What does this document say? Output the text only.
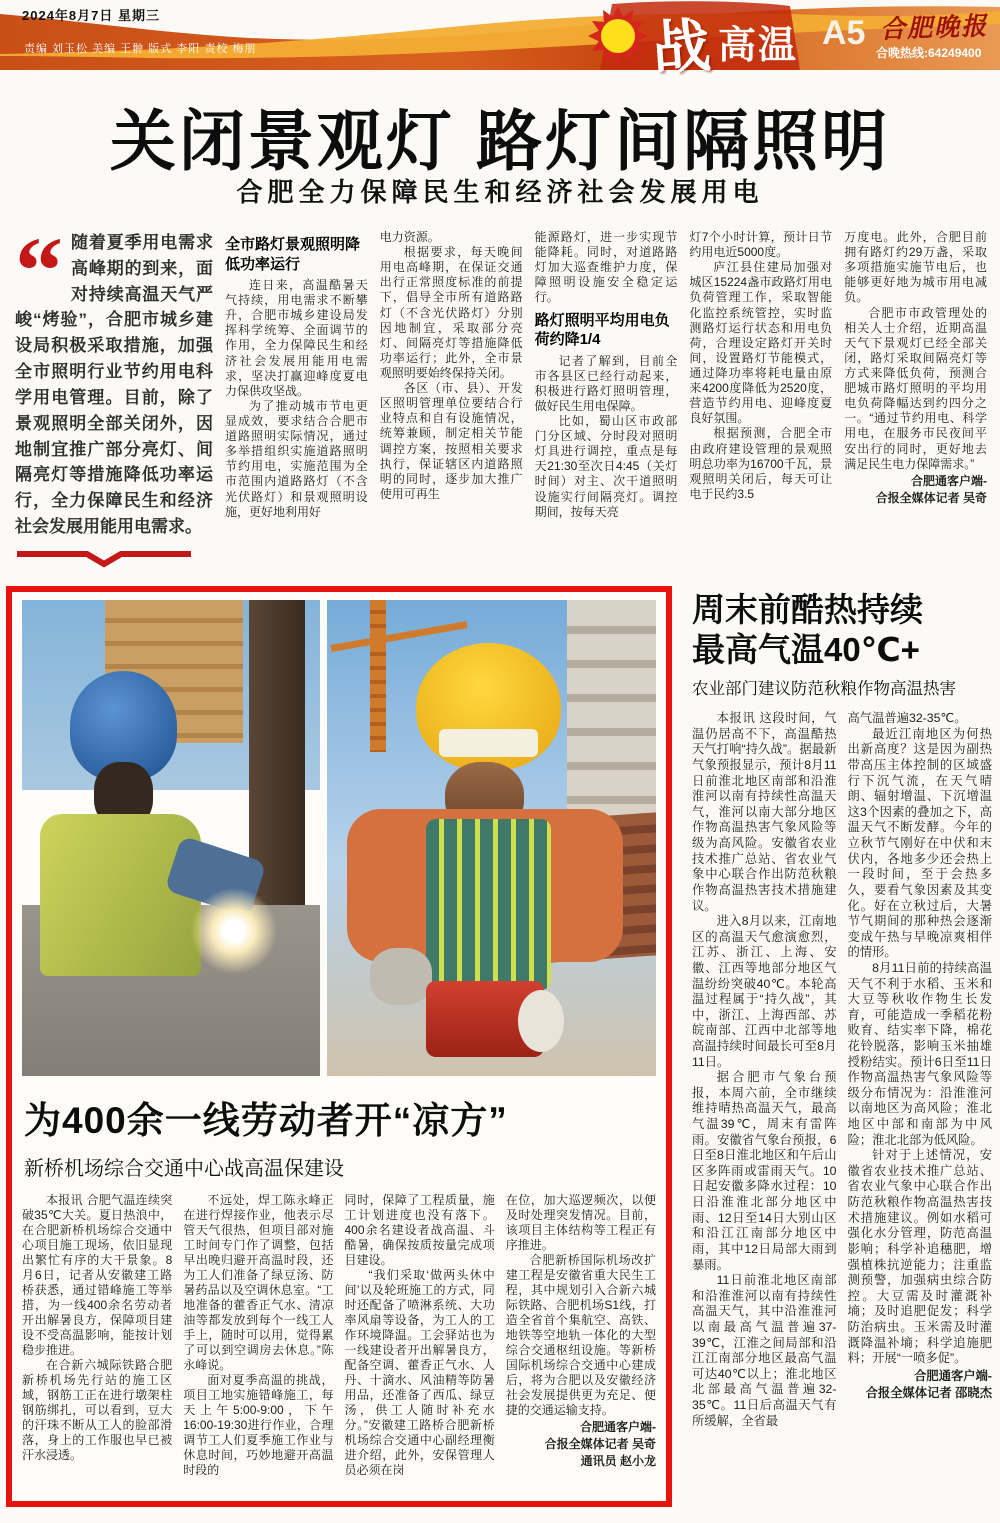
2024年8月7日 星期三
责编 刘玉松 美编 王翀 版式 李阳 责校 梅朋	战 高温 A5 合肥晚报
合晚热线:64249400
关闭景观灯 路灯间隔照明
合肥全力保障民生和经济社会发展用电
“ 随着夏季用电需求高峰期的到来，面对持续高温天气严峻“烤验”，合肥市城乡建设局积极采取措施，加强全市照明行业节约用电科学用电管理。目前，除了景观照明全部关闭外，因地制宜推广部分亮灯、间隔亮灯等措施降低功率运行，全力保障民生和经济社会发展用能用电需求。
全市路灯景观照明降低功率运行

连日来，高温酷暑天气持续，用电需求不断攀升，合肥市城乡建设局发挥科学统筹、全面调节的作用，全力保障民生和经济社会发展用能用电需求，坚决打赢迎峰度夏电力保供攻坚战。

为了推动城市节电更显成效，要求结合合肥市道路照明实际情况，通过多举措组织实施道路照明节约用电，实施范围为全市范围内道路路灯（不含光伏路灯）和景观照明设施，更好地利用好

电力资源。

根据要求，每天晚间用电高峰期，在保证交通出行正常照度标准的前提下，倡导全市所有道路路灯（不含光伏路灯）分别因地制宜，采取部分亮灯、间隔亮灯等措施降低功率运行；此外，全市景观照明要始终保持关闭。

各区（市、县）、开发区照明管理单位要结合行业特点和自有设施情况，统筹兼顾，制定相关节能调控方案，按照相关要求执行，保证辖区内道路照明的同时，逐步加大推广使用可再生

能源路灯，进一步实现节能降耗。同时，对道路路灯加大巡查维护力度，保障照明设施安全稳定运行。

路灯照明平均用电负荷约降1/4

记者了解到，目前全市各县区已经行动起来，积极进行路灯照明管理，做好民生用电保障。

比如，蜀山区市政部门分区域、分时段对照明灯具进行调控，重点是每天21:30至次日4:45（关灯时间）对主、次干道照明设施实行间隔亮灯。调控期间，按每天亮

灯7个小时计算，预计日节约用电近5000度。

庐江县住建局加强对城区15224盏市政路灯用电负荷管理工作，采取智能化监控系统管控，实时监测路灯运行状态和用电负荷，合理设定路灯开关时间，设置路灯节能模式，通过降功率将耗电量由原来4200度降低为2520度，营造节约用电、迎峰度夏良好氛围。

根据预测，合肥全市由政府建设管理的景观照明总功率为16700千瓦，景观照明关闭后，每天可让电于民约3.5

万度电。此外，合肥目前拥有路灯约29万盏，采取多项措施实施节电后，也能够更好地为城市用电减负。

合肥市市政管理处的相关人士介绍，近期高温天气下景观灯已经全部关闭，路灯采取间隔亮灯等方式来降低负荷，预测合肥城市路灯照明的平均用电负荷降幅达到约四分之一。“通过节约用电、科学用电，在服务市民夜间平安出行的同时，更好地去满足民生电力保障需求。”

合肥通客户端-
合报全媒体记者 吴奇
为400余一线劳动者开“凉方”
新桥机场综合交通中心战高温保建设

本报讯 合肥气温连续突破35℃大关。夏日热浪中，在合肥新桥机场综合交通中心项目施工现场，依旧显现出繁忙有序的大干景象。8月6日，记者从安徽建工路桥获悉，通过错峰施工等举措，为一线400余名劳动者开出解暑良方，保障项目建设不受高温影响，能按计划稳步推进。

在合新六城际铁路合肥新桥机场先行站的施工区域，钢筋工正在进行墩架柱钢筋绑扎，可以看到，豆大的汗珠不断从工人的脸部滑落，身上的工作服也早已被汗水浸透。

不远处，焊工陈永峰正在进行焊接作业，他表示尽管天气很热，但项目部对施工时间专门作了调整，包括早出晚归避开高温时段，还为工人们准备了绿豆汤、防暑药品以及空调休息室。“工地准备的藿香正气水、清凉油等都发放到每个一线工人手上，随时可以用，觉得累了可以到空调房去休息。”陈永峰说。

面对夏季高温的挑战，项目工地实施错峰施工，每天上午5:00-9:00，下午16:00-19:30进行作业，合理调节工人们夏季施工作业与休息时间，巧妙地避开高温时段的

同时，保障了工程质量，施工计划进度也没有落下。400余名建设者战高温、斗酷暑，确保按质按量完成项目建设。

“我们采取‘做两头休中间’以及轮班施工的方式，同时还配备了喷淋系统、大功率风扇等设备，为工人的工作环境降温。工会驿站也为一线建设者开出解暑良方，配备空调、藿香正气水、人丹、十滴水、风油精等防暑用品，还准备了西瓜、绿豆汤，供工人随时补充水分。”安徽建工路桥合肥新桥机场综合交通中心副经理衡进介绍，此外，安保管理人员必须在岗

在位，加大巡逻频次，以便及时处理突发情况。目前，该项目主体结构等工程正有序推进。

合肥新桥国际机场改扩建工程是安徽省重大民生工程，其中规划引入合新六城际铁路、合肥机场S1线，打造全省首个集航空、高铁、地铁等空地轨一体化的大型综合交通枢纽设施。等新桥国际机场综合交通中心建成后，将为合肥以及安徽经济社会发展提供更为充足、便捷的交通运输支持。

合肥通客户端-
合报全媒体记者 吴奇
通讯员 赵小龙
周末前酷热持续
最高气温40℃+
农业部门建议防范秋粮作物高温热害

本报讯 这段时间，气温仍居高不下，高温酷热天气打响“持久战”。据最新气象预报显示，预计8月11日前淮北地区南部和沿淮淮河以南有持续性高温天气，淮河以南大部分地区作物高温热害气象风险等级为高风险。安徽省农业技术推广总站、省农业气象中心联合作出防范秋粮作物高温热害技术措施建议。

进入8月以来，江南地区的高温天气愈演愈烈，江苏、浙江、上海、安徽、江西等地部分地区气温纷纷突破40℃。本轮高温过程属于“持久战”，其中，浙江、上海西部、苏皖南部、江西中北部等地高温持续时间最长可至8月11日。

据合肥市气象台预报，本周六前，全市继续维持晴热高温天气，最高气温39℃，周末有雷阵雨。安徽省气象台预报，6日至8日淮北地区和午后山区多阵雨或雷雨天气。10日起安徽多降水过程：10日沿淮淮北部分地区中雨、12日至14日大别山区和沿江江南部分地区中雨，其中12日局部大雨到暴雨。

11日前淮北地区南部和沿淮淮河以南有持续性高温天气，其中沿淮淮河以南最高气温普遍37-39℃，江淮之间局部和沿江江南部分地区最高气温可达40℃以上；淮北地区北部最高气温普遍32-35℃。11日后高温天气有所缓解，全省最

高气温普遍32-35℃。

最近江南地区为何热出新高度？这是因为副热带高压主体控制的区域盛行下沉气流，在天气晴朗、辐射增温、下沉增温这3个因素的叠加之下，高温天气不断发酵。今年的立秋节气刚好在中伏和末伏内，各地多少还会热上一段时间，至于会热多久，要看气象因素及其变化。好在立秋过后，大暑节气期间的那种热会逐渐变成午热与早晚凉爽相伴的情形。

8月11日前的持续高温天气不利于水稻、玉米和大豆等秋收作物生长发育，可能造成一季稻花粉败育、结实率下降，棉花花铃脱落，影响玉米抽雄授粉结实。预计6日至11日作物高温热害气象风险等级分布情况为：沿淮淮河以南地区为高风险；淮北地区中部和南部为中风险；淮北北部为低风险。

针对于上述情况，安徽省农业技术推广总站、省农业气象中心联合作出防范秋粮作物高温热害技术措施建议。例如水稻可强化水分管理，防范高温影响；科学补追穗肥，增强植株抗逆能力；注重监测预警，加强病虫综合防控。大豆需及时灌溉补墒；及时追肥促发；科学防治病虫。玉米需及时灌溉降温补墒；科学追施肥料；开展“一喷多促”。

合肥通客户端-
合报全媒体记者 邵晓杰
